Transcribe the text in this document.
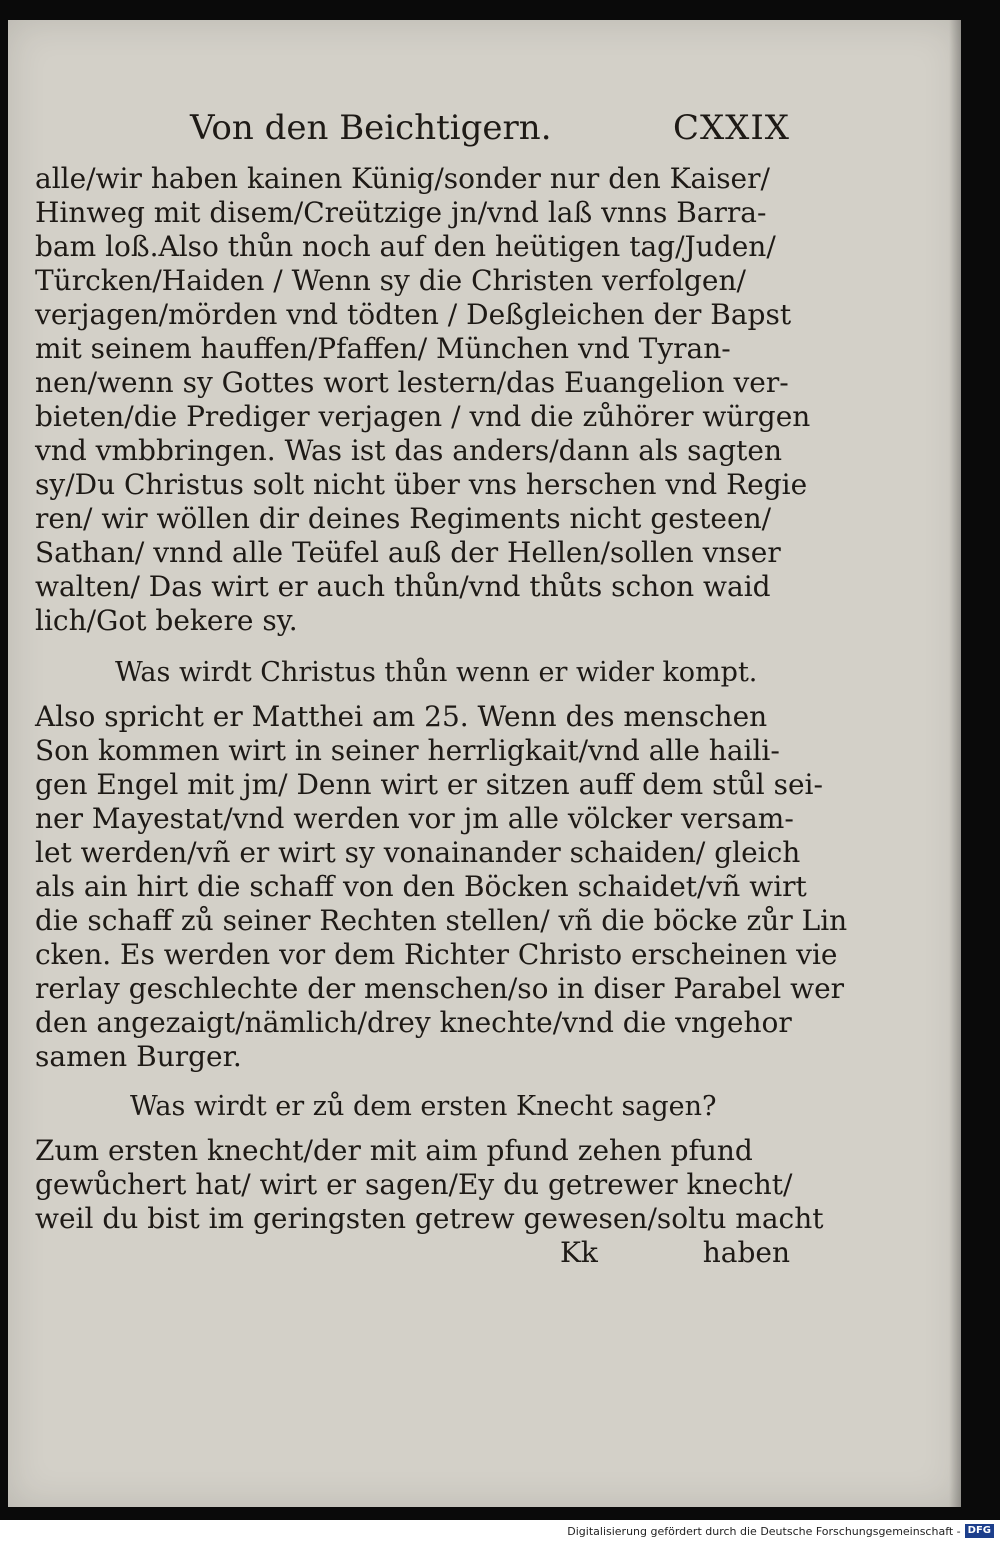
Von den Beichtigern.	CXXIX
alle/wir haben kainen Künig/sonder nur den Kaiser/
Hinweg mit disem/Creützige jn/vnd laß vnns Barra-
bam loß.Also thůn noch auf den heütigen tag/Juden/
Türcken/Haiden / Wenn sy die Christen verfolgen/
verjagen/mörden vnd tödten / Deßgleichen der Bapst
mit seinem hauffen/Pfaffen/ München vnd Tyran-
nen/wenn sy Gottes wort lestern/das Euangelion ver-
bieten/die Prediger verjagen / vnd die zůhörer würgen
vnd vmbbringen. Was ist das anders/dann als sagten
sy/Du Christus solt nicht über vns herschen vnd Regie
ren/ wir wöllen dir deines Regiments nicht gesteen/
Sathan/ vnnd alle Teüfel auß der Hellen/sollen vnser
walten/ Das wirt er auch thůn/vnd thůts schon waid
lich/Got bekere sy.
Was wirdt Christus thůn wenn er wider kompt.
Also spricht er Matthei am 25. Wenn des menschen
Son kommen wirt in seiner herrligkait/vnd alle haili-
gen Engel mit jm/ Denn wirt er sitzen auff dem stůl sei-
ner Mayestat/vnd werden vor jm alle völcker versam-
let werden/vñ er wirt sy vonainander schaiden/ gleich
als ain hirt die schaff von den Böcken schaidet/vñ wirt
die schaff zů seiner Rechten stellen/ vñ die böcke zůr Lin
cken. Es werden vor dem Richter Christo erscheinen vie
rerlay geschlechte der menschen/so in diser Parabel wer
den angezaigt/nämlich/drey knechte/vnd die vngehor
samen Burger.
Was wirdt er zů dem ersten Knecht sagen?
Zum ersten knecht/der mit aim pfund zehen pfund
gewůchert hat/ wirt er sagen/Ey du getrewer knecht/
weil du bist im geringsten getrew gewesen/soltu macht
Kk	haben
Digitalisierung gefördert durch die Deutsche Forschungsgemeinschaft - DFG
